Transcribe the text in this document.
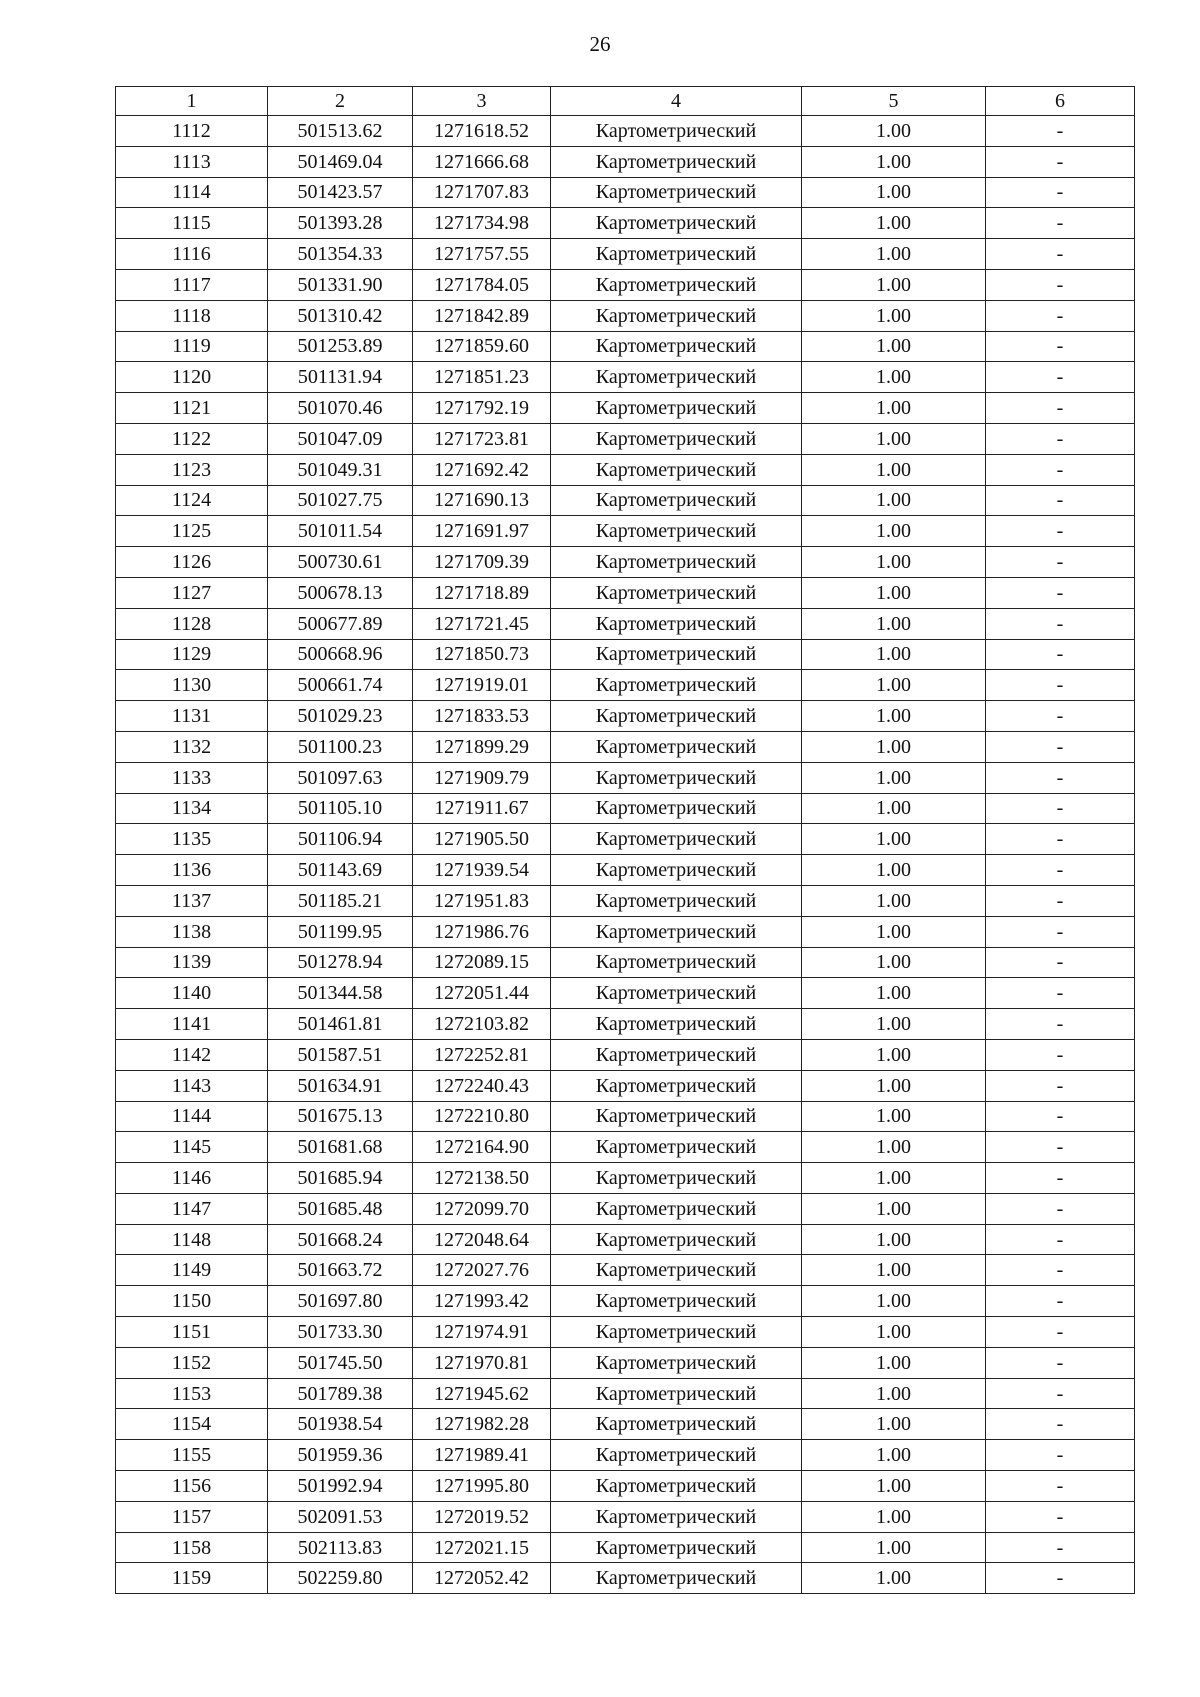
26
1	2	3	4	5	6
1112	501513.62	1271618.52	Картометрический	1.00	-
1113	501469.04	1271666.68	Картометрический	1.00	-
1114	501423.57	1271707.83	Картометрический	1.00	-
1115	501393.28	1271734.98	Картометрический	1.00	-
1116	501354.33	1271757.55	Картометрический	1.00	-
1117	501331.90	1271784.05	Картометрический	1.00	-
1118	501310.42	1271842.89	Картометрический	1.00	-
1119	501253.89	1271859.60	Картометрический	1.00	-
1120	501131.94	1271851.23	Картометрический	1.00	-
1121	501070.46	1271792.19	Картометрический	1.00	-
1122	501047.09	1271723.81	Картометрический	1.00	-
1123	501049.31	1271692.42	Картометрический	1.00	-
1124	501027.75	1271690.13	Картометрический	1.00	-
1125	501011.54	1271691.97	Картометрический	1.00	-
1126	500730.61	1271709.39	Картометрический	1.00	-
1127	500678.13	1271718.89	Картометрический	1.00	-
1128	500677.89	1271721.45	Картометрический	1.00	-
1129	500668.96	1271850.73	Картометрический	1.00	-
1130	500661.74	1271919.01	Картометрический	1.00	-
1131	501029.23	1271833.53	Картометрический	1.00	-
1132	501100.23	1271899.29	Картометрический	1.00	-
1133	501097.63	1271909.79	Картометрический	1.00	-
1134	501105.10	1271911.67	Картометрический	1.00	-
1135	501106.94	1271905.50	Картометрический	1.00	-
1136	501143.69	1271939.54	Картометрический	1.00	-
1137	501185.21	1271951.83	Картометрический	1.00	-
1138	501199.95	1271986.76	Картометрический	1.00	-
1139	501278.94	1272089.15	Картометрический	1.00	-
1140	501344.58	1272051.44	Картометрический	1.00	-
1141	501461.81	1272103.82	Картометрический	1.00	-
1142	501587.51	1272252.81	Картометрический	1.00	-
1143	501634.91	1272240.43	Картометрический	1.00	-
1144	501675.13	1272210.80	Картометрический	1.00	-
1145	501681.68	1272164.90	Картометрический	1.00	-
1146	501685.94	1272138.50	Картометрический	1.00	-
1147	501685.48	1272099.70	Картометрический	1.00	-
1148	501668.24	1272048.64	Картометрический	1.00	-
1149	501663.72	1272027.76	Картометрический	1.00	-
1150	501697.80	1271993.42	Картометрический	1.00	-
1151	501733.30	1271974.91	Картометрический	1.00	-
1152	501745.50	1271970.81	Картометрический	1.00	-
1153	501789.38	1271945.62	Картометрический	1.00	-
1154	501938.54	1271982.28	Картометрический	1.00	-
1155	501959.36	1271989.41	Картометрический	1.00	-
1156	501992.94	1271995.80	Картометрический	1.00	-
1157	502091.53	1272019.52	Картометрический	1.00	-
1158	502113.83	1272021.15	Картометрический	1.00	-
1159	502259.80	1272052.42	Картометрический	1.00	-
